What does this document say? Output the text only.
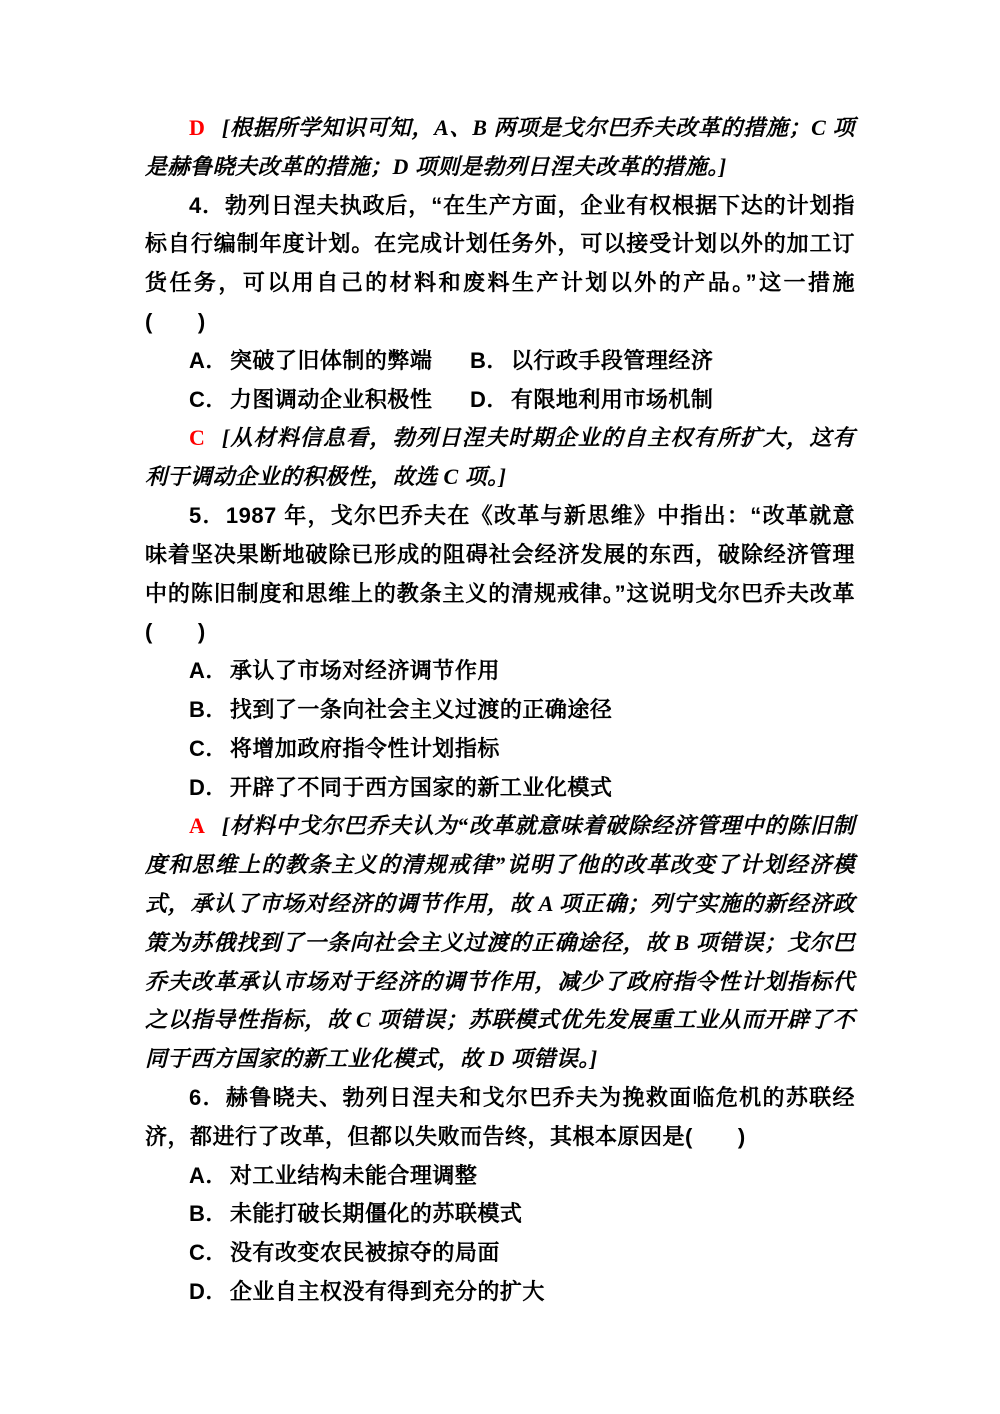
D [根据所学知识可知，A、B 两项是戈尔巴乔夫改革的措施；C 项是赫鲁晓夫改革的措施；D 项则是勃列日涅夫改革的措施。]

4．勃列日涅夫执政后，“在生产方面，企业有权根据下达的计划指标自行编制年度计划。在完成计划任务外，可以接受计划以外的加工订货任务，可以用自己的材料和废料生产计划以外的产品。”这一措施(　　)

A．突破了旧体制的弊端 B．以行政手段管理经济
C．力图调动企业积极性 D．有限地利用市场机制

C [从材料信息看，勃列日涅夫时期企业的自主权有所扩大，这有利于调动企业的积极性，故选 C 项。]

5．1987 年，戈尔巴乔夫在《改革与新思维》中指出：“改革就意味着坚决果断地破除已形成的阻碍社会经济发展的东西，破除经济管理中的陈旧制度和思维上的教条主义的清规戒律。”这说明戈尔巴乔夫改革(　　)

A．承认了市场对经济调节作用
B．找到了一条向社会主义过渡的正确途径
C．将增加政府指令性计划指标
D．开辟了不同于西方国家的新工业化模式

A [材料中戈尔巴乔夫认为“改革就意味着破除经济管理中的陈旧制度和思维上的教条主义的清规戒律”说明了他的改革改变了计划经济模式，承认了市场对经济的调节作用，故 A 项正确；列宁实施的新经济政策为苏俄找到了一条向社会主义过渡的正确途径，故 B 项错误；戈尔巴乔夫改革承认市场对于经济的调节作用，减少了政府指令性计划指标代之以指导性指标，故 C 项错误；苏联模式优先发展重工业从而开辟了不同于西方国家的新工业化模式，故 D 项错误。]

6．赫鲁晓夫、勃列日涅夫和戈尔巴乔夫为挽救面临危机的苏联经济，都进行了改革，但都以失败而告终，其根本原因是(　　)

A．对工业结构未能合理调整
B．未能打破长期僵化的苏联模式
C．没有改变农民被掠夺的局面
D．企业自主权没有得到充分的扩大
